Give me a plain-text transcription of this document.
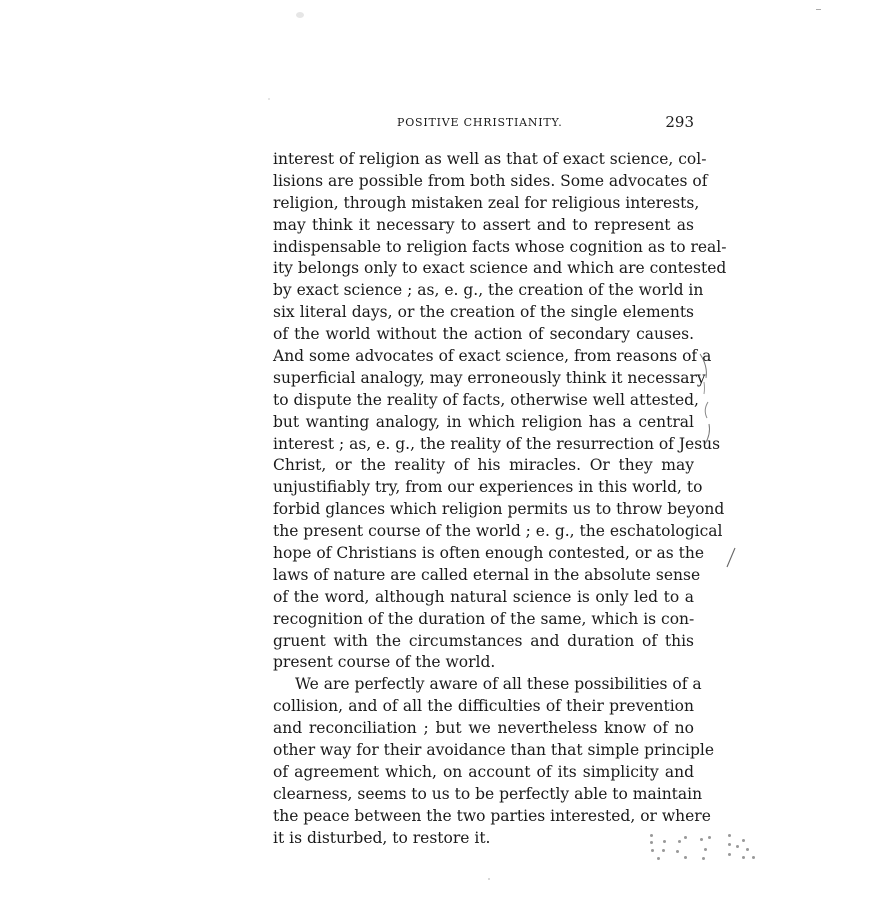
POSITIVE CHRISTIANITY.	293
interest of religion as well as that of exact science, col-
lisions are possible from both sides. Some advocates of
religion, through mistaken zeal for religious interests,
may think it necessary to assert and to represent as
indispensable to religion facts whose cognition as to real-
ity belongs only to exact science and which are contested
by exact science ; as, e. g., the creation of the world in
six literal days, or the creation of the single elements
of the world without the action of secondary causes.
And some advocates of exact science, from reasons of a
superficial analogy, may erroneously think it necessary
to dispute the reality of facts, otherwise well attested,
but wanting analogy, in which religion has a central
interest ; as, e. g., the reality of the resurrection of Jesus
Christ, or the reality of his miracles. Or they may
unjustifiably try, from our experiences in this world, to
forbid glances which religion permits us to throw beyond
the present course of the world ; e. g., the eschatological
hope of Christians is often enough contested, or as the
laws of nature are called eternal in the absolute sense
of the word, although natural science is only led to a
recognition of the duration of the same, which is con-
gruent with the circumstances and duration of this
present course of the world.
We are perfectly aware of all these possibilities of a
collision, and of all the difficulties of their prevention
and reconciliation ; but we nevertheless know of no
other way for their avoidance than that simple principle
of agreement which, on account of its simplicity and
clearness, seems to us to be perfectly able to maintain
the peace between the two parties interested, or where
it is disturbed, to restore it.
